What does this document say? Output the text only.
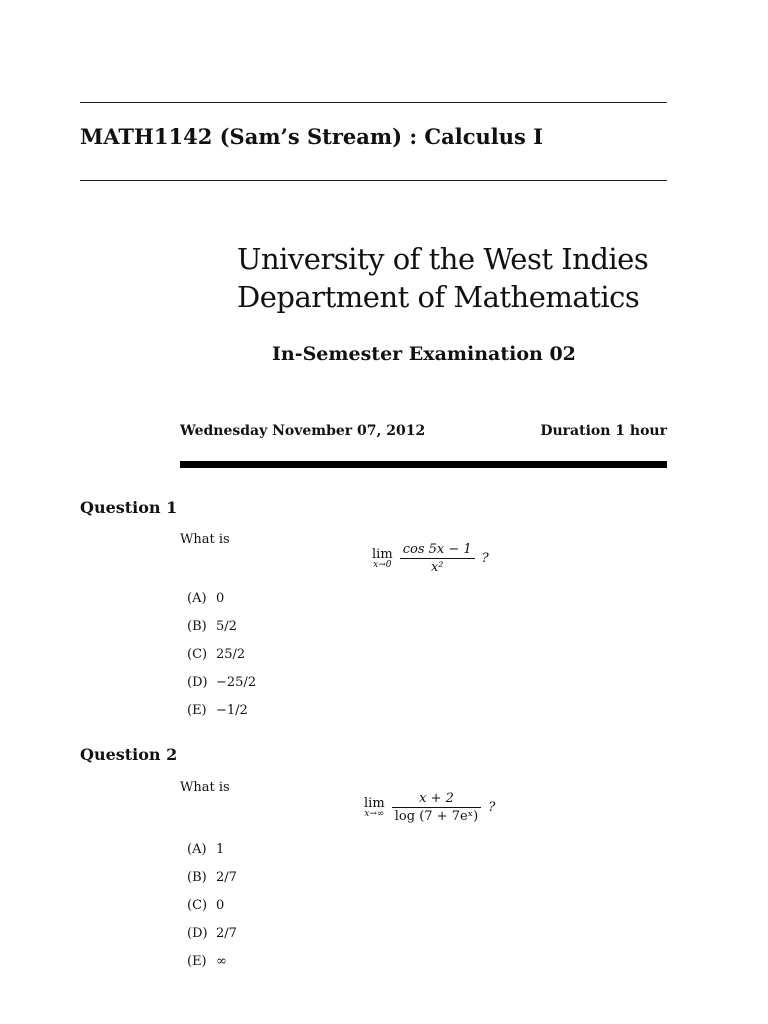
MATH1142 (Sam’s Stream) : Calculus I
University of the West Indies
Department of Mathematics
In-Semester Examination 02
Wednesday November 07, 2012	Duration 1 hour
Question 1
What is
lim
x→0
$\frac{\cos 5x - 1}{\text{x²}}$ ?
(A) 0
(B) 5/2
(C) 25/2
(D) −25/2
(E) −1/2
Question 2
What is
lim
x→∞
$\frac{x + 2}{\text{log (7 + 7eˣ)}}$ ?
(A) 1
(B) 2/7
(C) 0
(D) 2/7
(E) ∞
